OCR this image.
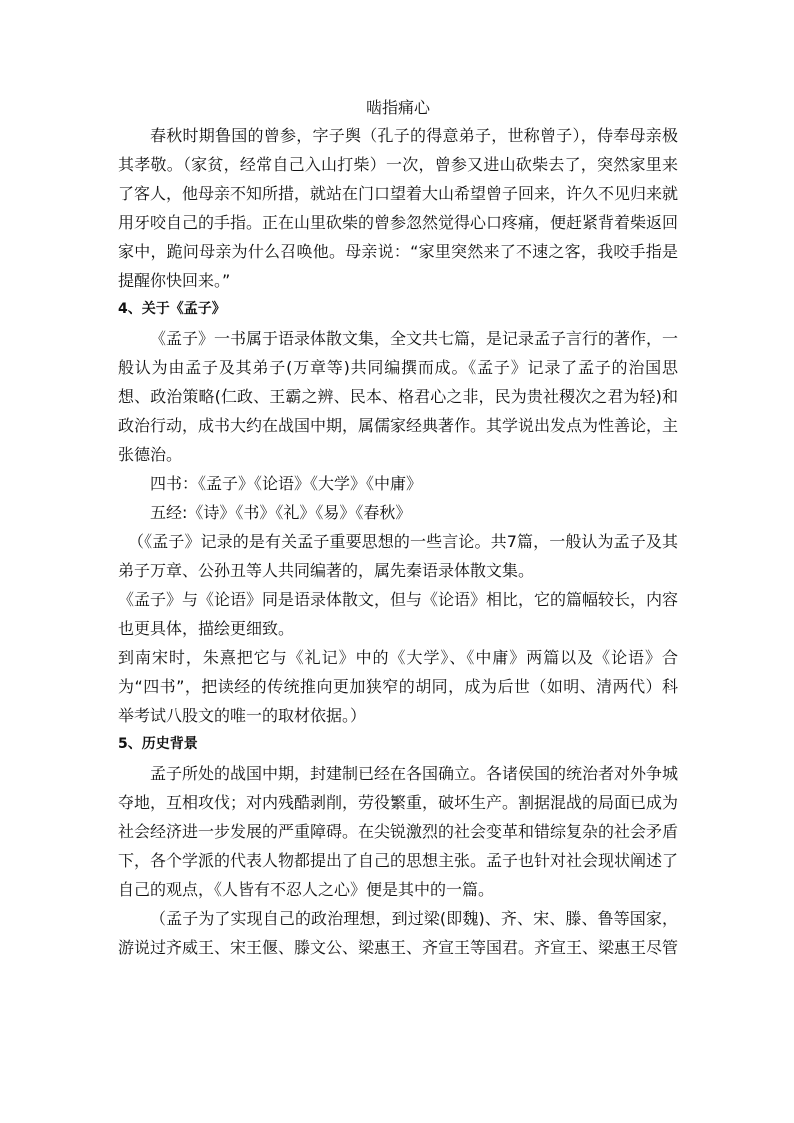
啮指痛心

春秋时期鲁国的曾参，字子舆（孔子的得意弟子，世称曾子），侍奉母亲极其孝敬。（家贫，经常自己入山打柴）一次，曾参又进山砍柴去了，突然家里来了客人，他母亲不知所措，就站在门口望着大山希望曾子回来，许久不见归来就用牙咬自己的手指。正在山里砍柴的曾参忽然觉得心口疼痛，便赶紧背着柴返回家中，跪问母亲为什么召唤他。母亲说：“家里突然来了不速之客，我咬手指是提醒你快回来。”

4、关于《孟子》

《孟子》一书属于语录体散文集，全文共七篇，是记录孟子言行的著作，一般认为由孟子及其弟子(万章等)共同编撰而成。《孟子》记录了孟子的治国思想、政治策略(仁政、王霸之辨、民本、格君心之非，民为贵社稷次之君为轻)和政治行动，成书大约在战国中期，属儒家经典著作。其学说出发点为性善论，主张德治。

四书：《孟子》《论语》《大学》《中庸》

五经:《诗》《书》《礼》《易》《春秋》

（《孟子》记录的是有关孟子重要思想的一些言论。共7篇，一般认为孟子及其弟子万章、公孙丑等人共同编著的，属先秦语录体散文集。

《孟子》与《论语》同是语录体散文，但与《论语》相比，它的篇幅较长，内容也更具体，描绘更细致。

到南宋时，朱熹把它与《礼记》中的《大学》、《中庸》两篇以及《论语》合为“四书”，把读经的传统推向更加狭窄的胡同，成为后世（如明、清两代）科举考试八股文的唯一的取材依据。）

5、历史背景

孟子所处的战国中期，封建制已经在各国确立。各诸侯国的统治者对外争城夺地，互相攻伐；对内残酷剥削，劳役繁重，破坏生产。割据混战的局面已成为社会经济进一步发展的严重障碍。在尖锐激烈的社会变革和错综复杂的社会矛盾下，各个学派的代表人物都提出了自己的思想主张。孟子也针对社会现状阐述了自己的观点，《人皆有不忍人之心》便是其中的一篇。

（孟子为了实现自己的政治理想，到过梁(即魏)、齐、宋、滕、鲁等国家，游说过齐威王、宋王偃、滕文公、梁惠王、齐宣王等国君。齐宣王、梁惠王尽管
